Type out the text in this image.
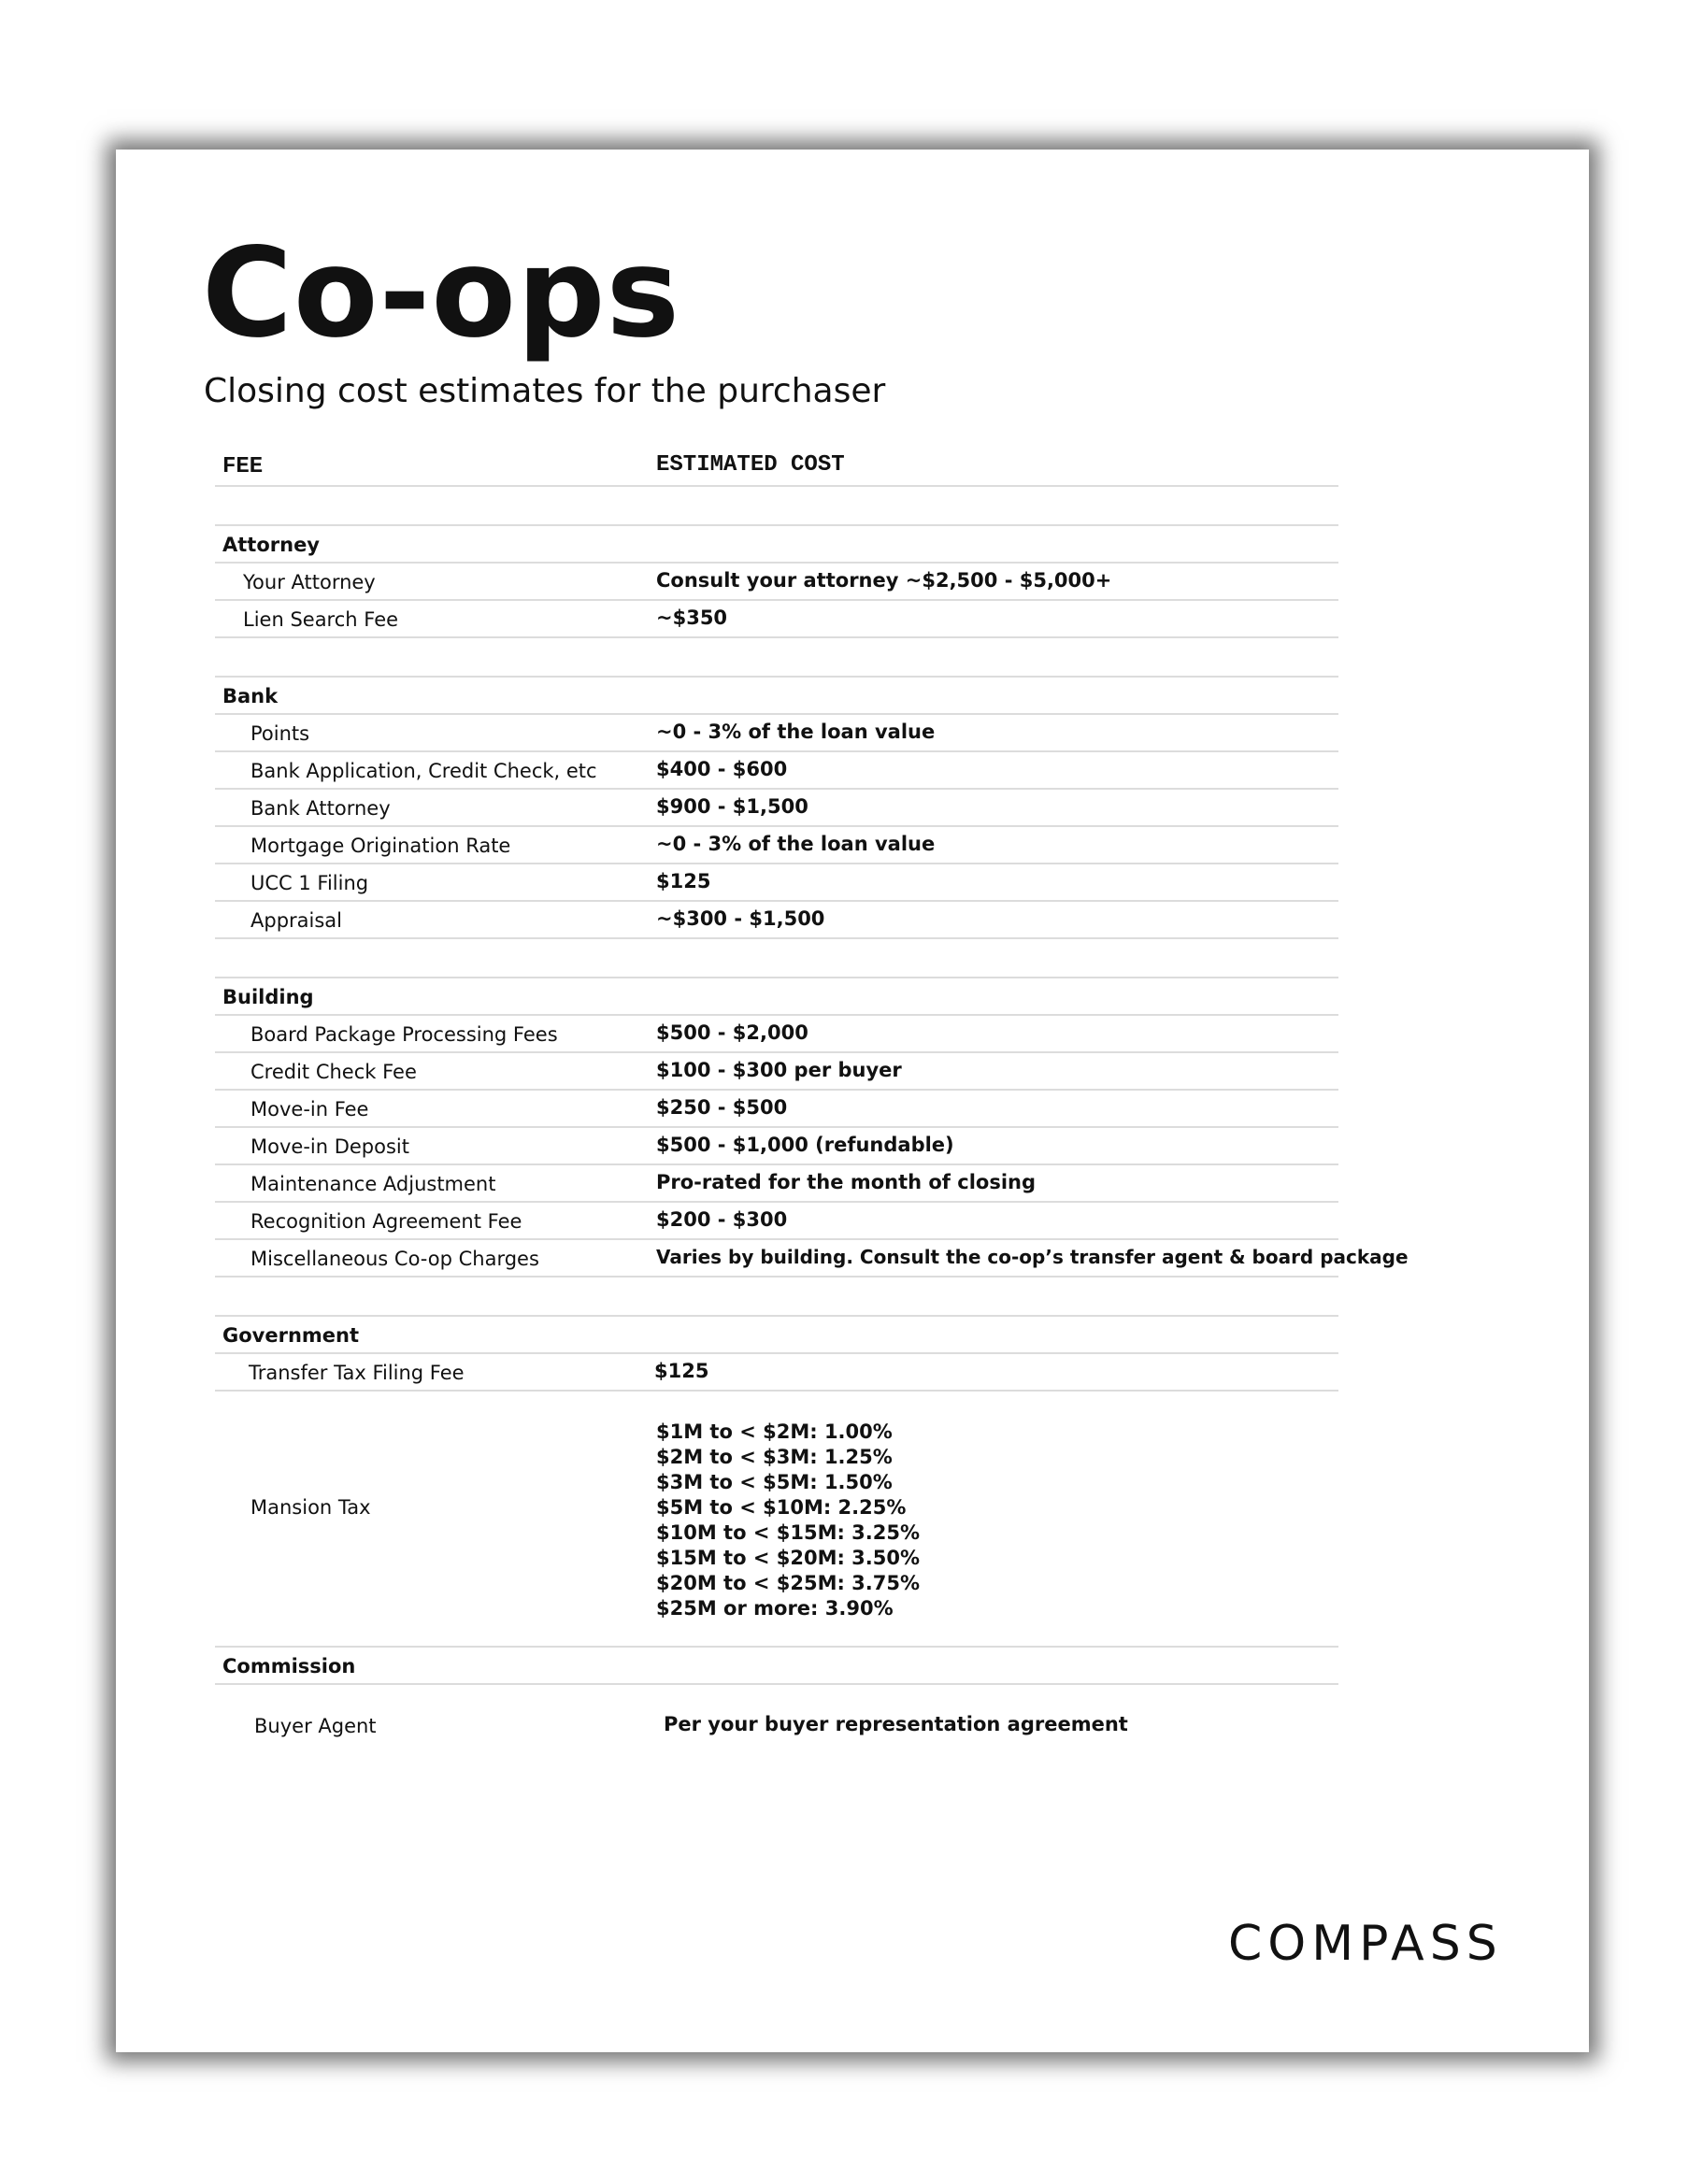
Co-ops

Closing cost estimates for the purchaser

FEE	ESTIMATED COST
Attorney
Your Attorney	Consult your attorney ~$2,500 - $5,000+
Lien Search Fee	~$350
Bank
Points	~0 - 3% of the loan value
Bank Application, Credit Check, etc	$400 - $600
Bank Attorney	$900 - $1,500
Mortgage Origination Rate	~0 - 3% of the loan value
UCC 1 Filing	$125
Appraisal	~$300 - $1,500
Building
Board Package Processing Fees	$500 - $2,000
Credit Check Fee	$100 - $300 per buyer
Move-in Fee	$250 - $500
Move-in Deposit	$500 - $1,000 (refundable)
Maintenance Adjustment	Pro-rated for the month of closing
Recognition Agreement Fee	$200 - $300
Miscellaneous Co-op Charges	Varies by building. Consult the co-op’s transfer agent & board package
Government
Transfer Tax Filing Fee	$125
Mansion Tax
$1M to < $2M: 1.00%
$2M to < $3M: 1.25%
$3M to < $5M: 1.50%
$5M to < $10M: 2.25%
$10M to < $15M: 3.25%
$15M to < $20M: 3.50%
$20M to < $25M: 3.75%
$25M or more: 3.90%
Commission
Buyer Agent	Per your buyer representation agreement

COMPASS
